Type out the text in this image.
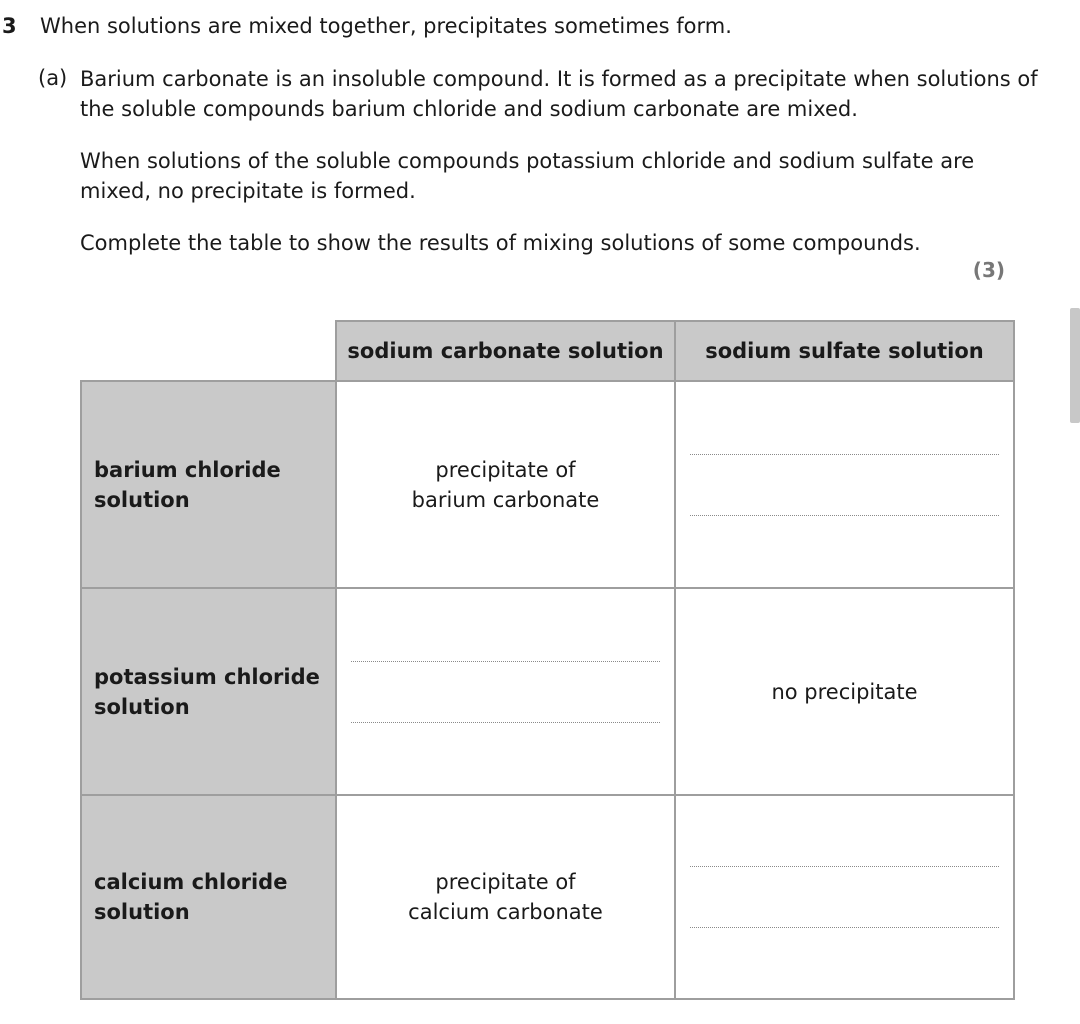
3 When solutions are mixed together, precipitates sometimes form.
(a) Barium carbonate is an insoluble compound. It is formed as a precipitate when solutions of the soluble compounds barium chloride and sodium carbonate are mixed.
When solutions of the soluble compounds potassium chloride and sodium sulfate are mixed, no precipitate is formed.
Complete the table to show the results of mixing solutions of some compounds.
(3)
sodium carbonate solution	sodium sulfate solution
barium chloride solution
precipitate of barium carbonate
potassium chloride solution
no precipitate
calcium chloride solution
precipitate of calcium carbonate
